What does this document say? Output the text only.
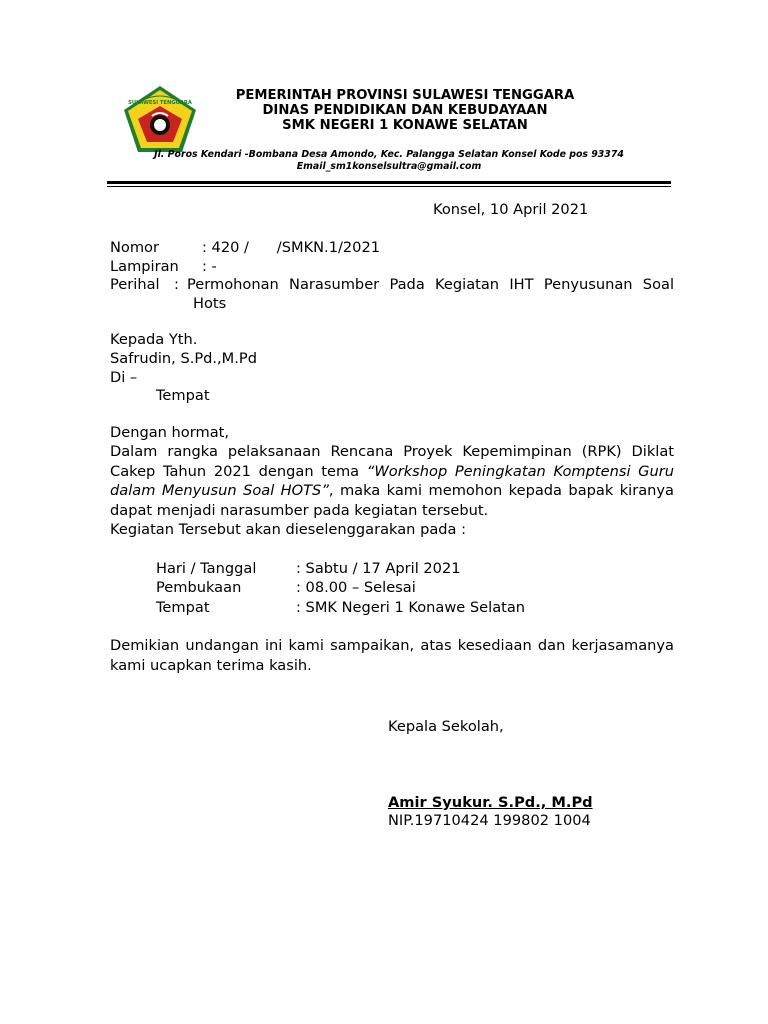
SULAWESI TENGGARA	PEMERINTAH PROVINSI SULAWESI TENGGARA
DINAS PENDIDIKAN DAN KEBUDAYAAN
SMK NEGERI 1 KONAWE SELATAN
Jl. Poros Kendari -Bombana Desa Amondo, Kec. Palangga Selatan Konsel Kode pos 93374
Email_sm1konselsultra@gmail.com
Konsel, 10 April 2021
Nomor	: 420 /      /SMKN.1/2021
Lampiran : -
Perihal : Permohonan Narasumber Pada Kegiatan IHT Penyusunan Soal
Hots
Kepada Yth.
Safrudin, S.Pd.,M.Pd
Di –
Tempat
Dengan hormat,
Dalam rangka pelaksanaan Rencana Proyek Kepemimpinan (RPK) Diklat Cakep Tahun 2021 dengan tema “Workshop Peningkatan Komptensi Guru dalam Menyusun Soal HOTS”, maka kami memohon kepada bapak kiranya dapat menjadi narasumber pada kegiatan tersebut.
Kegiatan Tersebut akan dieselenggarakan pada :
Hari / Tanggal	: Sabtu / 17 April 2021
Pembukaan	: 08.00 – Selesai
Tempat	: SMK Negeri 1 Konawe Selatan
Demikian undangan ini kami sampaikan, atas kesediaan dan kerjasamanya kami ucapkan terima kasih.
Kepala Sekolah,
Amir Syukur. S.Pd., M.Pd
NIP.19710424 199802 1004
